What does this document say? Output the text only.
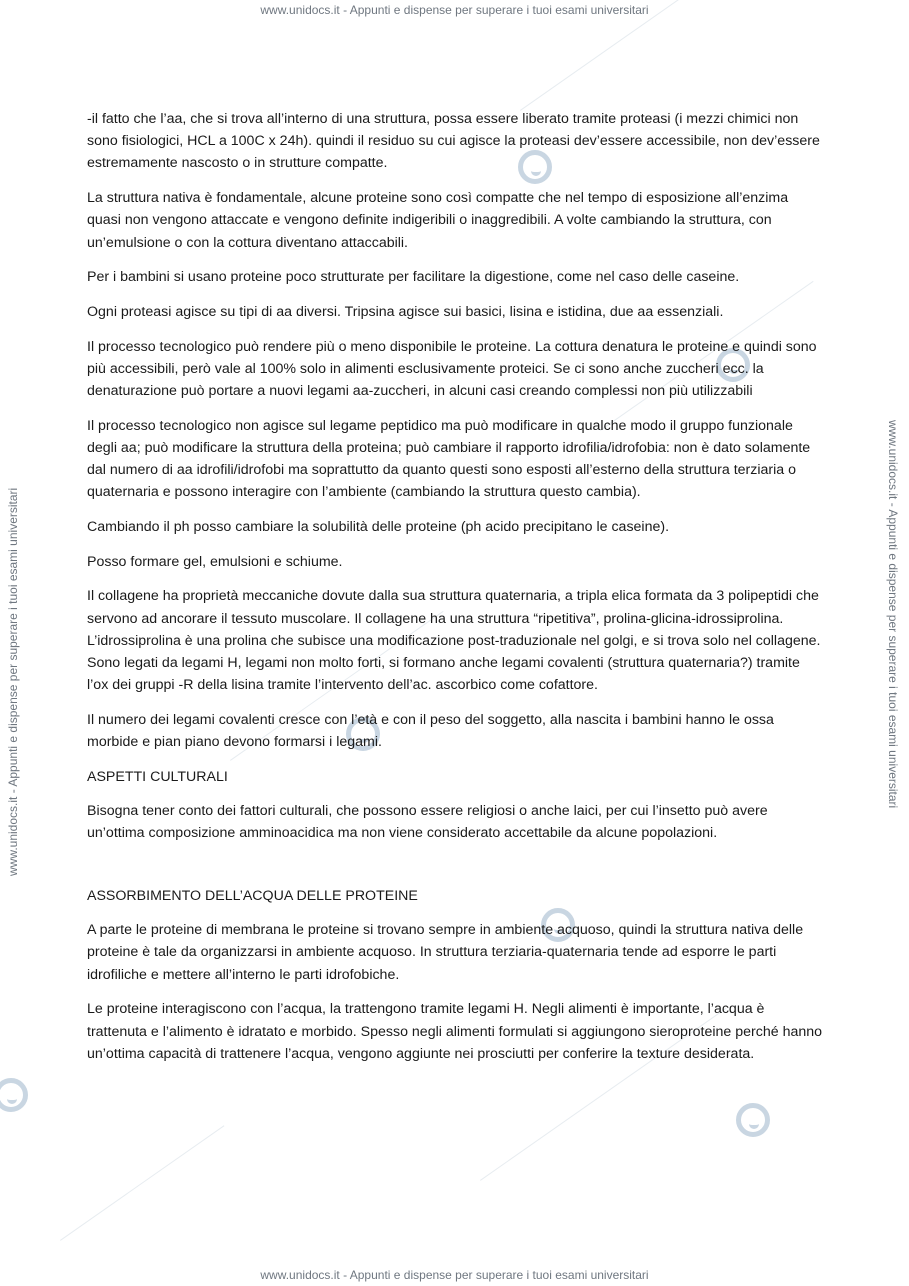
www.unidocs.it - Appunti e dispense per superare i tuoi esami universitari
www.unidocs.it - Appunti e dispense per superare i tuoi esami universitari
www.unidocs.it - Appunti e dispense per superare i tuoi esami universitari	www.unidocs.it - Appunti e dispense per superare i tuoi esami universitari

-il fatto che l’aa, che si trova all’interno di una struttura, possa essere liberato tramite proteasi (i mezzi chimici non sono fisiologici, HCL a 100C x 24h). quindi il residuo su cui agisce la proteasi dev’essere accessibile, non dev’essere estremamente nascosto o in strutture compatte.

La struttura nativa è fondamentale, alcune proteine sono così compatte che nel tempo di esposizione all’enzima quasi non vengono attaccate e vengono definite indigeribili o inaggredibili. A volte cambiando la struttura, con un’emulsione o con la cottura diventano attaccabili.

Per i bambini si usano proteine poco strutturate per facilitare la digestione, come nel caso delle caseine.

Ogni proteasi agisce su tipi di aa diversi. Tripsina agisce sui basici, lisina e istidina, due aa essenziali.

Il processo tecnologico può rendere più o meno disponibile le proteine. La cottura denatura le proteine e quindi sono più accessibili, però vale al 100% solo in alimenti esclusivamente proteici. Se ci sono anche zuccheri ecc. la denaturazione può portare a nuovi legami aa-zuccheri, in alcuni casi creando complessi non più utilizzabili

Il processo tecnologico non agisce sul legame peptidico ma può modificare in qualche modo il gruppo funzionale degli aa; può modificare la struttura della proteina; può cambiare il rapporto idrofilia/idrofobia: non è dato solamente dal numero di aa idrofili/idrofobi ma soprattutto da quanto questi sono esposti all’esterno della struttura terziaria o quaternaria e possono interagire con l’ambiente (cambiando la struttura questo cambia).

Cambiando il ph posso cambiare la solubilità delle proteine (ph acido precipitano le caseine).

Posso formare gel, emulsioni e schiume.

Il collagene ha proprietà meccaniche dovute dalla sua struttura quaternaria, a tripla elica formata da 3 polipeptidi che servono ad ancorare il tessuto muscolare. Il collagene ha una struttura “ripetitiva”, prolina-glicina-idrossiprolina. L’idrossiprolina è una prolina che subisce una modificazione post-traduzionale nel golgi, e si trova solo nel collagene. Sono legati da legami H, legami non molto forti, si formano anche legami covalenti (struttura quaternaria?) tramite l’ox dei gruppi -R della lisina tramite l’intervento dell’ac. ascorbico come cofattore.

Il numero dei legami covalenti cresce con l’età e con il peso del soggetto, alla nascita i bambini hanno le ossa morbide e pian piano devono formarsi i legami.

ASPETTI CULTURALI

Bisogna tener conto dei fattori culturali, che possono essere religiosi o anche laici, per cui l’insetto può avere un’ottima composizione amminoacidica ma non viene considerato accettabile da alcune popolazioni.

ASSORBIMENTO DELL’ACQUA DELLE PROTEINE

A parte le proteine di membrana le proteine si trovano sempre in ambiente acquoso, quindi la struttura nativa delle proteine è tale da organizzarsi in ambiente acquoso. In struttura terziaria-quaternaria tende ad esporre le parti idrofiliche e mettere all’interno le parti idrofobiche.

Le proteine interagiscono con l’acqua, la trattengono tramite legami H. Negli alimenti è importante, l’acqua è trattenuta e l’alimento è idratato e morbido. Spesso negli alimenti formulati si aggiungono sieroproteine perché hanno un’ottima capacità di trattenere l’acqua, vengono aggiunte nei prosciutti per conferire la texture desiderata.
